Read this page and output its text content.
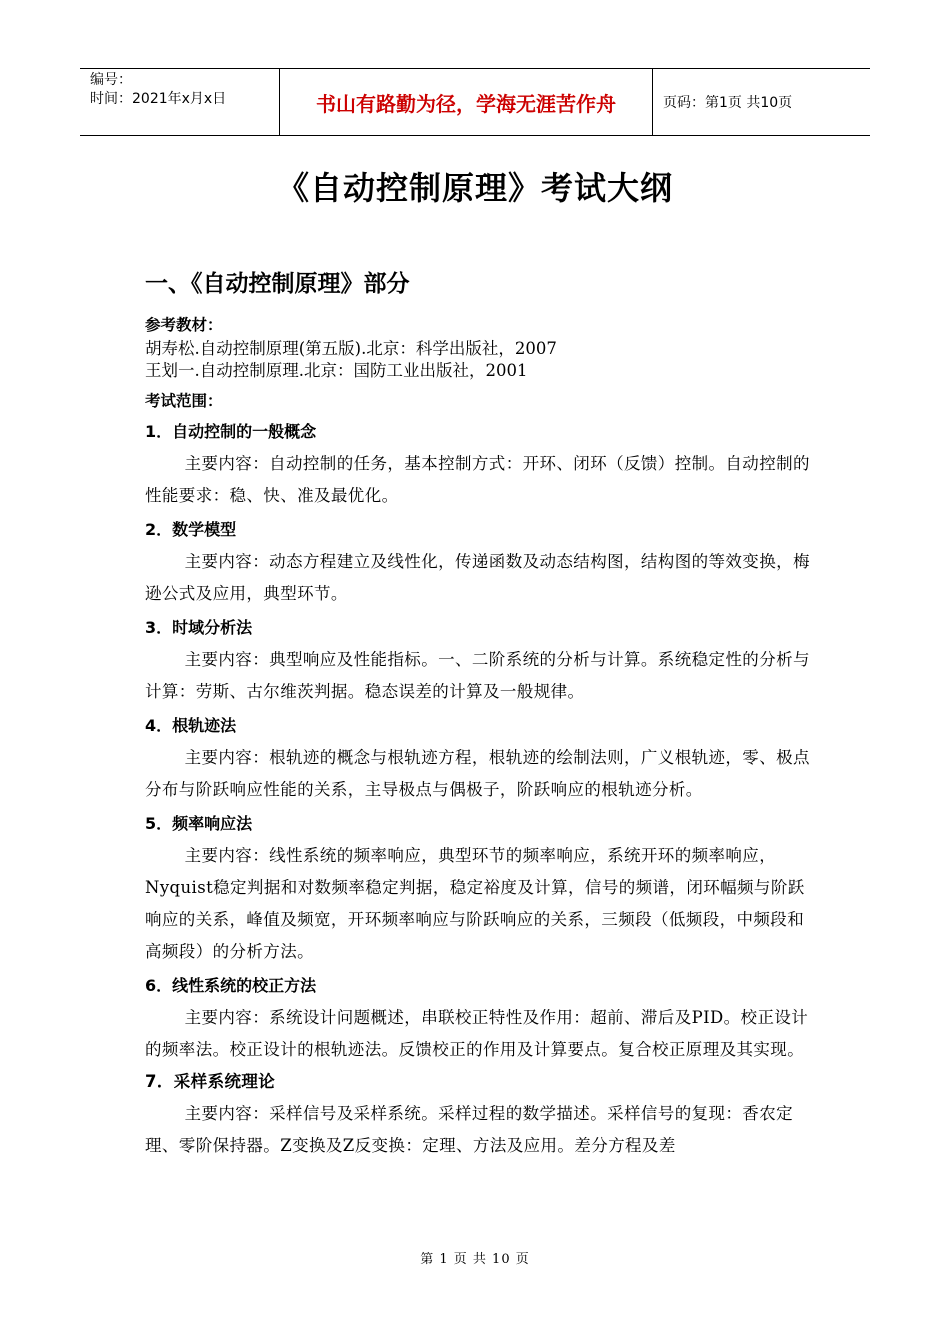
编号：
时间：2021年x月x日	书山有路勤为径，学海无涯苦作舟	页码：第1页 共10页
《自动控制原理》考试大纲
一、《自动控制原理》部分
参考教材：
胡寿松.自动控制原理(第五版).北京：科学出版社，2007
王划一.自动控制原理.北京：国防工业出版社，2001
考试范围：
1．自动控制的一般概念

主要内容：自动控制的任务，基本控制方式：开环、闭环（反馈）控制。自动控制的性能要求：稳、快、准及最优化。

2．数学模型

主要内容：动态方程建立及线性化，传递函数及动态结构图，结构图的等效变换，梅逊公式及应用，典型环节。

3．时域分析法

主要内容：典型响应及性能指标。一、二阶系统的分析与计算。系统稳定性的分析与计算：劳斯、古尔维茨判据。稳态误差的计算及一般规律。

4．根轨迹法

主要内容：根轨迹的概念与根轨迹方程，根轨迹的绘制法则，广义根轨迹，零、极点分布与阶跃响应性能的关系，主导极点与偶极子，阶跃响应的根轨迹分析。

5．频率响应法

主要内容：线性系统的频率响应，典型环节的频率响应，系统开环的频率响应，Nyquist稳定判据和对数频率稳定判据，稳定裕度及计算，信号的频谱，闭环幅频与阶跃响应的关系，峰值及频宽，开环频率响应与阶跃响应的关系，三频段（低频段，中频段和高频段）的分析方法。

6．线性系统的校正方法

主要内容：系统设计问题概述，串联校正特性及作用：超前、滞后及PID。校正设计的频率法。校正设计的根轨迹法。反馈校正的作用及计算要点。复合校正原理及其实现。7．采样系统理论

主要内容：采样信号及采样系统。采样过程的数学描述。采样信号的复现：香农定理、零阶保持器。Z变换及Z反变换：定理、方法及应用。差分方程及差

第 1 页 共 10 页
